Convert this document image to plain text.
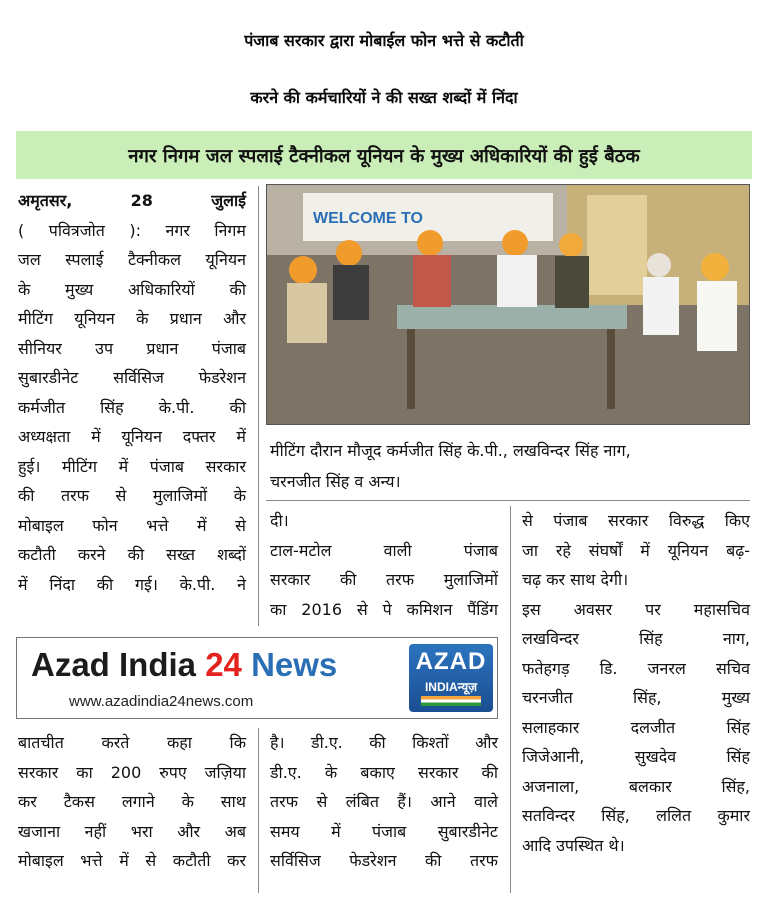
पंजाब सरकार द्वारा मोबाईल फोन भत्ते से कटौती
करने की कर्मचारियों ने की सख्त शब्दों में निंदा
नगर निगम जल स्पलाई टैक्नीकल यूनियन के मुख्य अधिकारियों की हुई बैठक
अमृतसर, 28 जुलाई
( पवित्रजोत ): नगर निगम
जल स्पलाई टैक्नीकल यूनियन
के मुख्य अधिकारियों की
मीटिंग यूनियन के प्रधान और
सीनियर उप प्रधान पंजाब
सुबारडीनेट सर्विसिज फेडरेशन
कर्मजीत सिंह के.पी. की
अध्यक्षता में यूनियन दफ्तर में
हुई। मीटिंग में पंजाब सरकार
की तरफ से मुलाजिमों के
मोबाइल फोन भत्ते में से
कटौती करने की सख्त शब्दों
में निंदा की गई। के.पी. ने
WELCOME TO
मीटिंग दौरान मौजूद कर्मजीत सिंह के.पी., लखविन्दर सिंह नाग,
चरनजीत सिंह व अन्य।
दी।
टाल-मटोल वाली पंजाब
सरकार की तरफ मुलाजिमों
का 2016 से पे कमिशन पैंडिंग
से पंजाब सरकार विरुद्ध किए
जा रहे संघर्षों में यूनियन बढ़-
चढ़ कर साथ देगी।
इस अवसर पर महासचिव
लखविन्दर सिंह नाग,
फतेहगड़ डि. जनरल सचिव
चरनजीत सिंह, मुख्य
सलाहकार दलजीत सिंह
जिजेआनी, सुखदेव सिंह
अजनाला, बलकार सिंह,
सतविन्दर सिंह, ललित कुमार
आदि उपस्थित थे।
Azad India 24 News
www.azadindia24news.com
AZAD
INDIAन्यूज़
बातचीत करते कहा कि
सरकार का 200 रुपए जज़िया
कर टैकस लगाने के साथ
खजाना नहीं भरा और अब
मोबाइल भत्ते में से कटौती कर
है। डी.ए. की किश्तों और
डी.ए. के बकाए सरकार की
तरफ से लंबित हैं। आने वाले
समय में पंजाब सुबारडीनेट
सर्विसिज फेडरेशन की तरफ
